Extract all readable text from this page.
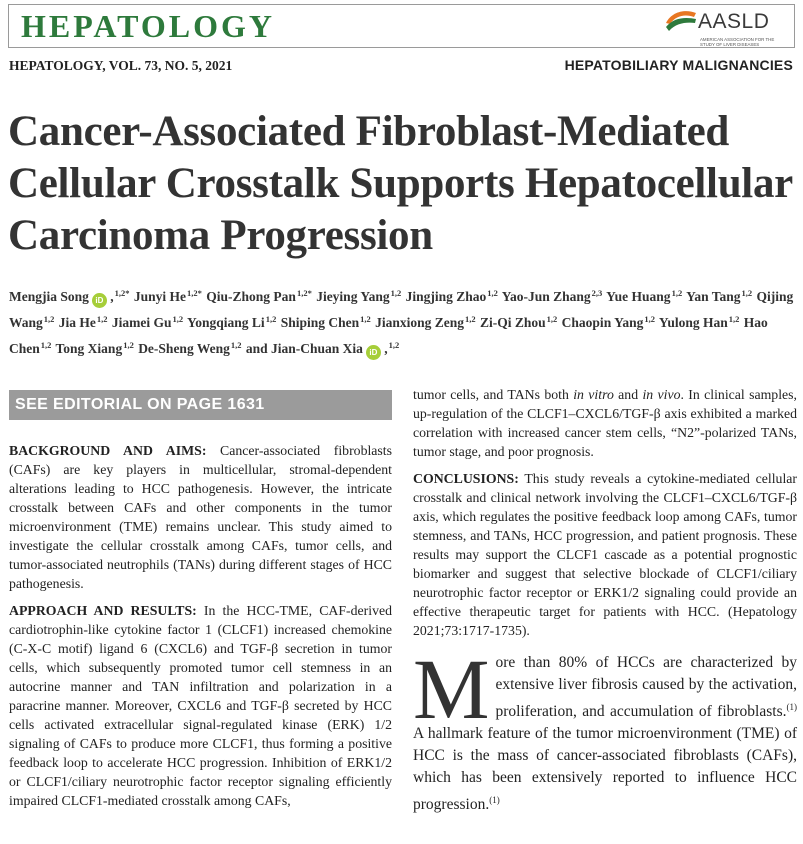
HEPATOLOGY	AASLD
AMERICAN ASSOCIATION FOR THE STUDY OF LIVER DISEASES
HEPATOLOGY, VOL. 73, NO. 5, 2021	HEPATOBILIARY MALIGNANCIES
Cancer-Associated Fibroblast-Mediated Cellular Crosstalk Supports Hepatocellular Carcinoma Progression
Mengjia Song iD ,$^{1,2*}$ Junyi $He^{1,2*}$ Qiu-Zhong Pan$^{1,2*}$ Jieying Yang$^{1,2}$ Jingjing Zhao$^{1,2}$ Yao-Jun Zhang$^{2,3}$ Yue Huang$^{1,2}$ Yan Tang$^{1,2}$ Qijing Wang$^{1,2}$ Jia He$^{1,2}$ Jiamei Gu$^{1,2}$ Yongqiang Li$^{1,2}$ Shiping Chen$^{1,2}$ Jianxiong Zeng$^{1,2}$ Zi-Qi Zhou$^{1,2}$ Chaopin Yang$^{1,2}$ Yulong Han$^{1,2}$ Hao Chen$^{1,2}$ Tong Xiang$^{1,2}$ De-Sheng Weng$^{1,2}$ and Jian-Chuan Xia iD ,$^{1,2}$
SEE EDITORIAL ON PAGE 1631

BACKGROUND AND AIMS: Cancer-associated fibroblasts (CAFs) are key players in multicellular, stromal-dependent alterations leading to HCC pathogenesis. However, the intricate crosstalk between CAFs and other components in the tumor microenvironment (TME) remains unclear. This study aimed to investigate the cellular crosstalk among CAFs, tumor cells, and tumor-associated neutrophils (TANs) during different stages of HCC pathogenesis.

APPROACH AND RESULTS: In the HCC-TME, CAF-derived cardiotrophin-like cytokine factor 1 (CLCF1) increased chemokine (C-X-C motif) ligand 6 (CXCL6) and TGF-β secretion in tumor cells, which subsequently promoted tumor cell stemness in an autocrine manner and TAN infiltration and polarization in a paracrine manner. Moreover, CXCL6 and TGF-β secreted by HCC cells activated extracellular signal-regulated kinase (ERK) 1/2 signaling of CAFs to produce more CLCF1, thus forming a positive feedback loop to accelerate HCC progression. Inhibition of ERK1/2 or CLCF1/ciliary neurotrophic factor receptor signaling efficiently impaired CLCF1-mediated crosstalk among CAFs,

tumor cells, and TANs both in vitro and in vivo. In clinical samples, up-regulation of the CLCF1–CXCL6/TGF-β axis exhibited a marked correlation with increased cancer stem cells, “N2”-polarized TANs, tumor stage, and poor prognosis.

CONCLUSIONS: This study reveals a cytokine-mediated cellular crosstalk and clinical network involving the CLCF1–CXCL6/TGF-β axis, which regulates the positive feedback loop among CAFs, tumor stemness, and TANs, HCC progression, and patient prognosis. These results may support the CLCF1 cascade as a potential prognostic biomarker and suggest that selective blockade of CLCF1/ciliary neurotrophic factor receptor or ERK1/2 signaling could provide an effective therapeutic target for patients with HCC. (Hepatology 2021;73:1717-1735).

M ore than 80% of HCCs are characterized by extensive liver fibrosis caused by the activation, proliferation, and accumulation of fibroblasts.$^{(1)}$ A hallmark feature of the tumor microenvironment (TME) of HCC is the mass of cancer-associated fibroblasts (CAFs), which has been extensively reported to influence HCC progression.$^{(1)}$
